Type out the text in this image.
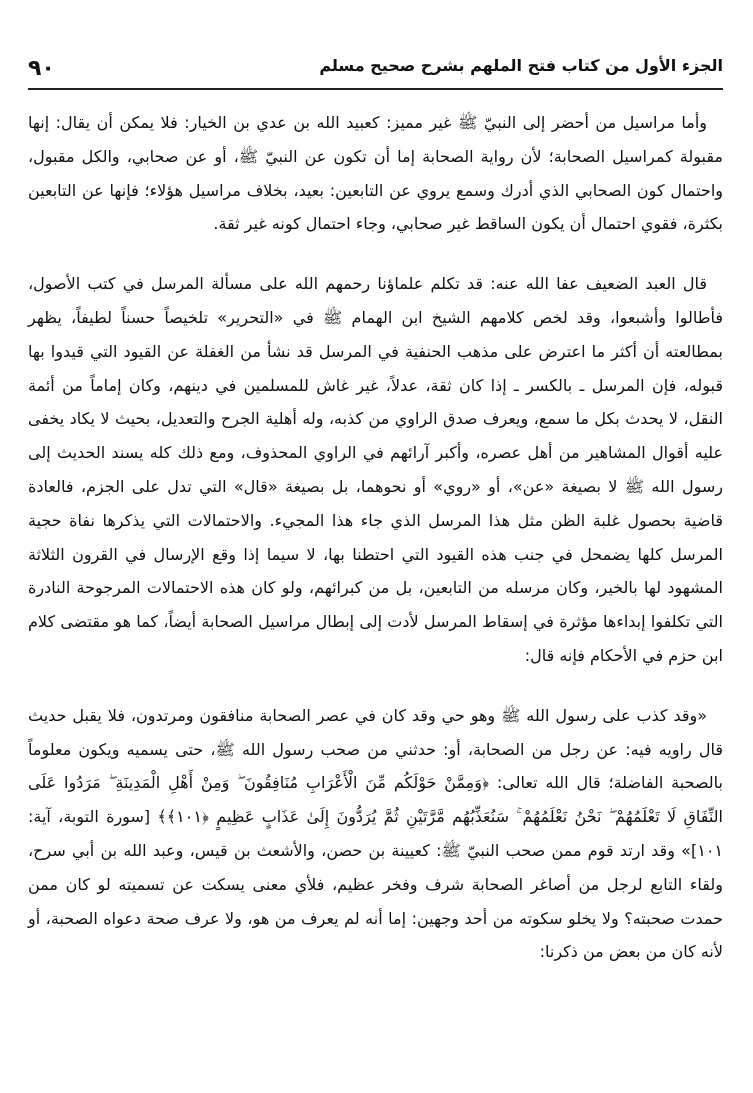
٩٠	الجزء الأول من كتاب فتح الملهم بشرح صحيح مسلم

وأما مراسيل من أحضر إلى النبيّ ﷺ غير مميز: كعبيد الله بن عدي بن الخيار: فلا يمكن أن يقال: إنها مقبولة كمراسيل الصحابة؛ لأن رواية الصحابة إما أن تكون عن النبيّ ﷺ، أو عن صحابي، والكل مقبول، واحتمال كون الصحابي الذي أدرك وسمع يروي عن التابعين: بعيد، بخلاف مراسيل هؤلاء؛ فإنها عن التابعين بكثرة، فقوي احتمال أن يكون الساقط غير صحابي، وجاء احتمال كونه غير ثقة.

قال العبد الضعيف عفا الله عنه: قد تكلم علماؤنا رحمهم الله على مسألة المرسل في كتب الأصول، فأطالوا وأشبعوا، وقد لخص كلامهم الشيخ ابن الهمام ﷺ في «التحرير» تلخيصاً حسناً لطيفاً، يظهر بمطالعته أن أكثر ما اعترض على مذهب الحنفية في المرسل قد نشأ من الغفلة عن القيود التي قيدوا بها قبوله، فإن المرسل ـ بالكسر ـ إذا كان ثقة، عدلاً، غير غاش للمسلمين في دينهم، وكان إماماً من أئمة النقل، لا يحدث بكل ما سمع، ويعرف صدق الراوي من كذبه، وله أهلية الجرح والتعديل، بحيث لا يكاد يخفى عليه أقوال المشاهير من أهل عصره، وأكبر آرائهم في الراوي المحذوف، ومع ذلك كله يسند الحديث إلى رسول الله ﷺ لا بصيغة «عن»، أو «روي» أو نحوهما، بل بصيغة «قال» التي تدل على الجزم، فالعادة قاضية بحصول غلبة الظن مثل هذا المرسل الذي جاء هذا المجيء. والاحتمالات التي يذكرها نفاة حجية المرسل كلها يضمحل في جنب هذه القيود التي احتطنا بها، لا سيما إذا وقع الإرسال في القرون الثلاثة المشهود لها بالخير، وكان مرسله من التابعين، بل من كبرائهم، ولو كان هذه الاحتمالات المرجوحة النادرة التي تكلفوا إبداءها مؤثرة في إسقاط المرسل لأدت إلى إبطال مراسيل الصحابة أيضاً، كما هو مقتضى كلام ابن حزم في الأحكام فإنه قال:

«وقد كذب على رسول الله ﷺ وهو حي وقد كان في عصر الصحابة منافقون ومرتدون، فلا يقبل حديث قال راويه فيه: عن رجل من الصحابة، أو: حدثني من صحب رسول الله ﷺ، حتى يسميه ويكون معلوماً بالصحبة الفاضلة؛ قال الله تعالى: ﴿وَمِمَّنْ حَوْلَكُم مِّنَ الْأَعْرَابِ مُنَافِقُونَ ۖ وَمِنْ أَهْلِ الْمَدِينَةِ ۖ مَرَدُوا عَلَى النِّفَاقِ لَا تَعْلَمُهُمْ ۖ نَحْنُ نَعْلَمُهُمْ ۚ سَنُعَذِّبُهُم مَّرَّتَيْنِ ثُمَّ يُرَدُّونَ إِلَىٰ عَذَابٍ عَظِيمٍ ﴿١٠١﴾﴾ [سورة التوبة، آية: ١٠١]» وقد ارتد قوم ممن صحب النبيّ ﷺ: كعيينة بن حصن، والأشعث بن قيس، وعبد الله بن أبي سرح، ولقاء التابع لرجل من أصاغر الصحابة شرف وفخر عظيم، فلأي معنى يسكت عن تسميته لو كان ممن حمدت صحبته؟ ولا يخلو سكوته من أحد وجهين: إما أنه لم يعرف من هو، ولا عرف صحة دعواه الصحبة، أو لأنه كان من بعض من ذكرنا:
